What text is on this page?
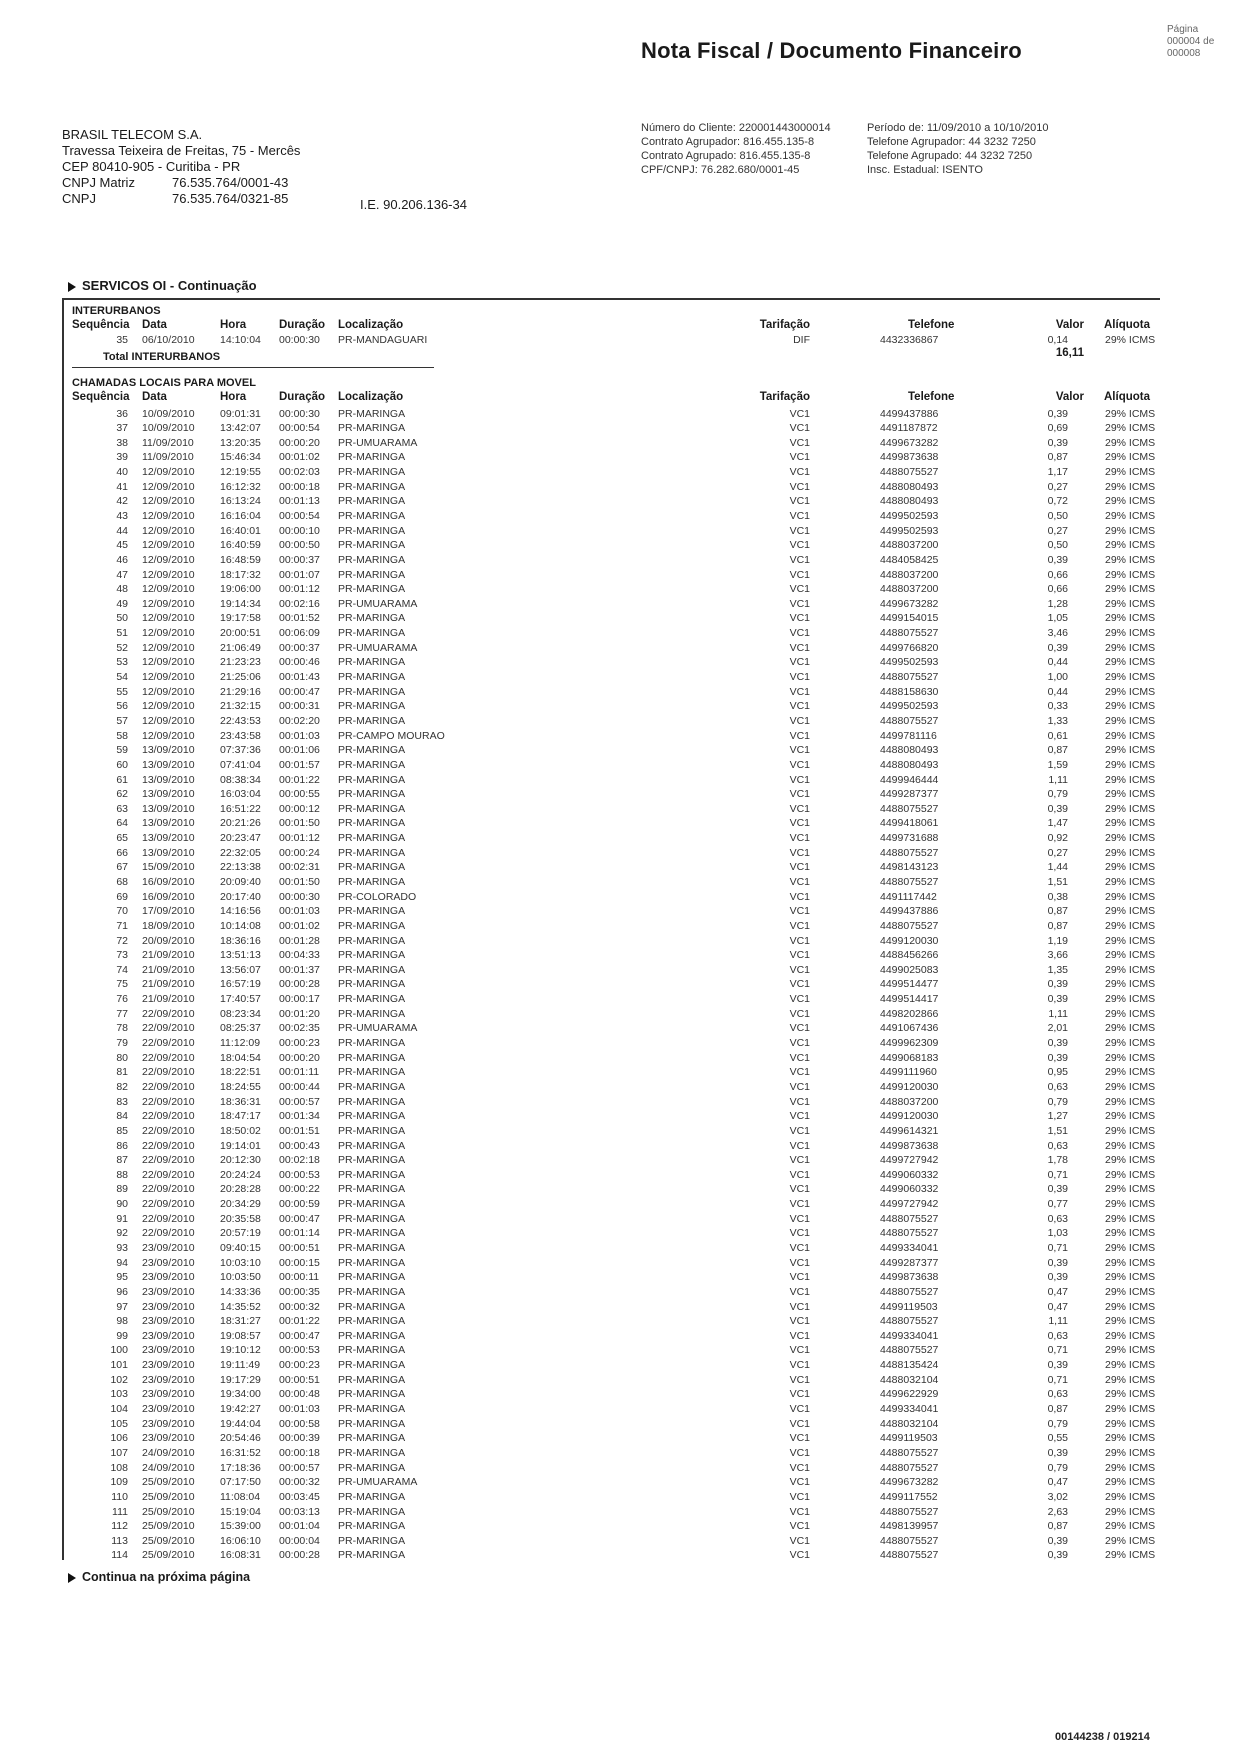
Nota Fiscal / Documento Financeiro
Página
000004 de
000008
BRASIL TELECOM S.A.
Travessa Teixeira de Freitas, 75 - Mercês
CEP 80410-905 - Curitiba - PR
CNPJ Matriz	76.535.764/0001-43
CNPJ	76.535.764/0321-85	I.E. 90.206.136-34
Número do Cliente: 220001443000014
Contrato Agrupador: 816.455.135-8
Contrato Agrupado: 816.455.135-8
CPF/CNPJ: 76.282.680/0001-45
Período de: 11/09/2010 a 10/10/2010
Telefone Agrupador: 44 3232 7250
Telefone Agrupado: 44 3232 7250
Insc. Estadual: ISENTO
SERVICOS OI - Continuação
INTERURBANOS
Sequência Data	Hora	Duração Localização	Tarifação	Telefone	Valor Alíquota
35 06/10/2010 14:10:04 00:00:30 PR-MANDAGUARI	DIF	4432336867	0,14	29% ICMS
Total INTERURBANOS	16,11
CHAMADAS LOCAIS PARA MOVEL
Sequência Data	Hora	Duração Localização	Tarifação	Telefone	Valor Alíquota
36 10/09/2010 09:01:31 00:00:30 PR-MARINGA	VC1	4499437886	0,39	29% ICMS
37 10/09/2010 13:42:07 00:00:54 PR-MARINGA	VC1	4491187872	0,69	29% ICMS
38 11/09/2010 13:20:35 00:00:20 PR-UMUARAMA	VC1	4499673282	0,39	29% ICMS
39 11/09/2010 15:46:34 00:01:02 PR-MARINGA	VC1	4499873638	0,87	29% ICMS
40 12/09/2010 12:19:55 00:02:03 PR-MARINGA	VC1	4488075527	1,17	29% ICMS
41 12/09/2010 16:12:32 00:00:18 PR-MARINGA	VC1	4488080493	0,27	29% ICMS
42 12/09/2010 16:13:24 00:01:13 PR-MARINGA	VC1	4488080493	0,72	29% ICMS
43 12/09/2010 16:16:04 00:00:54 PR-MARINGA	VC1	4499502593	0,50	29% ICMS
44 12/09/2010 16:40:01 00:00:10 PR-MARINGA	VC1	4499502593	0,27	29% ICMS
45 12/09/2010 16:40:59 00:00:50 PR-MARINGA	VC1	4488037200	0,50	29% ICMS
46 12/09/2010 16:48:59 00:00:37 PR-MARINGA	VC1	4484058425	0,39	29% ICMS
47 12/09/2010 18:17:32 00:01:07 PR-MARINGA	VC1	4488037200	0,66	29% ICMS
48 12/09/2010 19:06:00 00:01:12 PR-MARINGA	VC1	4488037200	0,66	29% ICMS
49 12/09/2010 19:14:34 00:02:16 PR-UMUARAMA	VC1	4499673282	1,28	29% ICMS
50 12/09/2010 19:17:58 00:01:52 PR-MARINGA	VC1	4499154015	1,05	29% ICMS
51 12/09/2010 20:00:51 00:06:09 PR-MARINGA	VC1	4488075527	3,46	29% ICMS
52 12/09/2010 21:06:49 00:00:37 PR-UMUARAMA	VC1	4499766820	0,39	29% ICMS
53 12/09/2010 21:23:23 00:00:46 PR-MARINGA	VC1	4499502593	0,44	29% ICMS
54 12/09/2010 21:25:06 00:01:43 PR-MARINGA	VC1	4488075527	1,00	29% ICMS
55 12/09/2010 21:29:16 00:00:47 PR-MARINGA	VC1	4488158630	0,44	29% ICMS
56 12/09/2010 21:32:15 00:00:31 PR-MARINGA	VC1	4499502593	0,33	29% ICMS
57 12/09/2010 22:43:53 00:02:20 PR-MARINGA	VC1	4488075527	1,33	29% ICMS
58 12/09/2010 23:43:58 00:01:03 PR-CAMPO MOURAO	VC1	4499781116	0,61	29% ICMS
59 13/09/2010 07:37:36 00:01:06 PR-MARINGA	VC1	4488080493	0,87	29% ICMS
60 13/09/2010 07:41:04 00:01:57 PR-MARINGA	VC1	4488080493	1,59	29% ICMS
61 13/09/2010 08:38:34 00:01:22 PR-MARINGA	VC1	4499946444	1,11	29% ICMS
62 13/09/2010 16:03:04 00:00:55 PR-MARINGA	VC1	4499287377	0,79	29% ICMS
63 13/09/2010 16:51:22 00:00:12 PR-MARINGA	VC1	4488075527	0,39	29% ICMS
64 13/09/2010 20:21:26 00:01:50 PR-MARINGA	VC1	4499418061	1,47	29% ICMS
65 13/09/2010 20:23:47 00:01:12 PR-MARINGA	VC1	4499731688	0,92	29% ICMS
66 13/09/2010 22:32:05 00:00:24 PR-MARINGA	VC1	4488075527	0,27	29% ICMS
67 15/09/2010 22:13:38 00:02:31 PR-MARINGA	VC1	4498143123	1,44	29% ICMS
68 16/09/2010 20:09:40 00:01:50 PR-MARINGA	VC1	4488075527	1,51	29% ICMS
69 16/09/2010 20:17:40 00:00:30 PR-COLORADO	VC1	4491117442	0,38	29% ICMS
70 17/09/2010 14:16:56 00:01:03 PR-MARINGA	VC1	4499437886	0,87	29% ICMS
71 18/09/2010 10:14:08 00:01:02 PR-MARINGA	VC1	4488075527	0,87	29% ICMS
72 20/09/2010 18:36:16 00:01:28 PR-MARINGA	VC1	4499120030	1,19	29% ICMS
73 21/09/2010 13:51:13 00:04:33 PR-MARINGA	VC1	4488456266	3,66	29% ICMS
74 21/09/2010 13:56:07 00:01:37 PR-MARINGA	VC1	4499025083	1,35	29% ICMS
75 21/09/2010 16:57:19 00:00:28 PR-MARINGA	VC1	4499514477	0,39	29% ICMS
76 21/09/2010 17:40:57 00:00:17 PR-MARINGA	VC1	4499514417	0,39	29% ICMS
77 22/09/2010 08:23:34 00:01:20 PR-MARINGA	VC1	4498202866	1,11	29% ICMS
78 22/09/2010 08:25:37 00:02:35 PR-UMUARAMA	VC1	4491067436	2,01	29% ICMS
79 22/09/2010 11:12:09 00:00:23 PR-MARINGA	VC1	4499962309	0,39	29% ICMS
80 22/09/2010 18:04:54 00:00:20 PR-MARINGA	VC1	4499068183	0,39	29% ICMS
81 22/09/2010 18:22:51 00:01:11 PR-MARINGA	VC1	4499111960	0,95	29% ICMS
82 22/09/2010 18:24:55 00:00:44 PR-MARINGA	VC1	4499120030	0,63	29% ICMS
83 22/09/2010 18:36:31 00:00:57 PR-MARINGA	VC1	4488037200	0,79	29% ICMS
84 22/09/2010 18:47:17 00:01:34 PR-MARINGA	VC1	4499120030	1,27	29% ICMS
85 22/09/2010 18:50:02 00:01:51 PR-MARINGA	VC1	4499614321	1,51	29% ICMS
86 22/09/2010 19:14:01 00:00:43 PR-MARINGA	VC1	4499873638	0,63	29% ICMS
87 22/09/2010 20:12:30 00:02:18 PR-MARINGA	VC1	4499727942	1,78	29% ICMS
88 22/09/2010 20:24:24 00:00:53 PR-MARINGA	VC1	4499060332	0,71	29% ICMS
89 22/09/2010 20:28:28 00:00:22 PR-MARINGA	VC1	4499060332	0,39	29% ICMS
90 22/09/2010 20:34:29 00:00:59 PR-MARINGA	VC1	4499727942	0,77	29% ICMS
91 22/09/2010 20:35:58 00:00:47 PR-MARINGA	VC1	4488075527	0,63	29% ICMS
92 22/09/2010 20:57:19 00:01:14 PR-MARINGA	VC1	4488075527	1,03	29% ICMS
93 23/09/2010 09:40:15 00:00:51 PR-MARINGA	VC1	4499334041	0,71	29% ICMS
94 23/09/2010 10:03:10 00:00:15 PR-MARINGA	VC1	4499287377	0,39	29% ICMS
95 23/09/2010 10:03:50 00:00:11 PR-MARINGA	VC1	4499873638	0,39	29% ICMS
96 23/09/2010 14:33:36 00:00:35 PR-MARINGA	VC1	4488075527	0,47	29% ICMS
97 23/09/2010 14:35:52 00:00:32 PR-MARINGA	VC1	4499119503	0,47	29% ICMS
98 23/09/2010 18:31:27 00:01:22 PR-MARINGA	VC1	4488075527	1,11	29% ICMS
99 23/09/2010 19:08:57 00:00:47 PR-MARINGA	VC1	4499334041	0,63	29% ICMS
100 23/09/2010 19:10:12 00:00:53 PR-MARINGA	VC1	4488075527	0,71	29% ICMS
101 23/09/2010 19:11:49 00:00:23 PR-MARINGA	VC1	4488135424	0,39	29% ICMS
102 23/09/2010 19:17:29 00:00:51 PR-MARINGA	VC1	4488032104	0,71	29% ICMS
103 23/09/2010 19:34:00 00:00:48 PR-MARINGA	VC1	4499622929	0,63	29% ICMS
104 23/09/2010 19:42:27 00:01:03 PR-MARINGA	VC1	4499334041	0,87	29% ICMS
105 23/09/2010 19:44:04 00:00:58 PR-MARINGA	VC1	4488032104	0,79	29% ICMS
106 23/09/2010 20:54:46 00:00:39 PR-MARINGA	VC1	4499119503	0,55	29% ICMS
107 24/09/2010 16:31:52 00:00:18 PR-MARINGA	VC1	4488075527	0,39	29% ICMS
108 24/09/2010 17:18:36 00:00:57 PR-MARINGA	VC1	4488075527	0,79	29% ICMS
109 25/09/2010 07:17:50 00:00:32 PR-UMUARAMA	VC1	4499673282	0,47	29% ICMS
110 25/09/2010 11:08:04 00:03:45 PR-MARINGA	VC1	4499117552	3,02	29% ICMS
111 25/09/2010 15:19:04 00:03:13 PR-MARINGA	VC1	4488075527	2,63	29% ICMS
112 25/09/2010 15:39:00 00:01:04 PR-MARINGA	VC1	4498139957	0,87	29% ICMS
113 25/09/2010 16:06:10 00:00:04 PR-MARINGA	VC1	4488075527	0,39	29% ICMS
114 25/09/2010 16:08:31 00:00:28 PR-MARINGA	VC1	4488075527	0,39	29% ICMS
Continua na próxima página
00144238 / 019214
